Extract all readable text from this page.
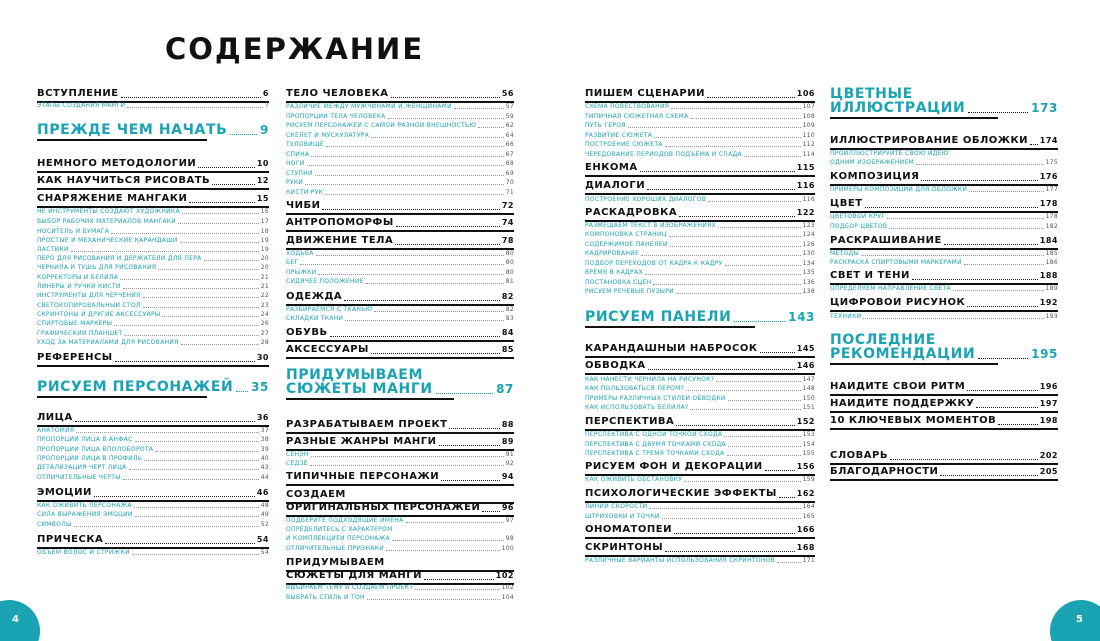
СОДЕРЖАНИЕ
4	5
ВСТУПЛЕНИЕ	6
ЭТАПЫ СОЗДАНИЯ МАНГИ	7
ПРЕЖДЕ ЧЕМ НАЧАТЬ	9
НЕМНОГО МЕТОДОЛОГИИ	10
КАК НАУЧИТЬСЯ РИСОВАТЬ	12
СНАРЯЖЕНИЕ МАНГАКИ	15
НЕ ИНСТРУМЕНТЫ СОЗДАЮТ ХУДОЖНИКА	15
ВЫБОР РАБОЧИХ МАТЕРИАЛОВ МАНГАКИ	17
НОСИТЕЛЬ И БУМАГА	18
ПРОСТЫЕ И МЕХАНИЧЕСКИЕ КАРАНДАШИ	19
ЛАСТИКИ	19
ПЕРО ДЛЯ РИСОВАНИЯ И ДЕРЖАТЕЛИ ДЛЯ ПЕРА	20
ЧЕРНИЛА И ТУШЬ ДЛЯ РИСОВАНИЯ	20
КОРРЕКТОРЫ И БЕЛИЛА	21
ЛИНЕРЫ И РУЧКИ КИСТИ	21
ИНСТРУМЕНТЫ ДЛЯ ЧЕРЧЕНИЯ	22
СВЕТОКОПИРОВАЛЬНЫЙ СТОЛ	23
СКРИНТОНЫ И ДРУГИЕ АКСЕССУАРЫ	24
СПИРТОВЫЕ МАРКЕРЫ	26
ГРАФИЧЕСКИЙ ПЛАНШЕТ	27
УХОД ЗА МАТЕРИАЛАМИ ДЛЯ РИСОВАНИЯ	28
РЕФЕРЕНСЫ	30
РИСУЕМ ПЕРСОНАЖЕЙ 35
ЛИЦА	36
АНАТОМИЯ	37
ПРОПОРЦИИ ЛИЦА В АНФАС	38
ПРОПОРЦИИ ЛИЦА ВПОЛОБОРОТА	39
ПРОПОРЦИИ ЛИЦА В ПРОФИЛЬ	40
ДЕТАЛИЗАЦИЯ ЧЕРТ ЛИЦА	43
ОТЛИЧИТЕЛЬНЫЕ ЧЕРТЫ	44
ЭМОЦИИ	46
КАК ОЖИВИТЬ ПЕРСОНАЖА	48
СИЛА ВЫРАЖЕНИЯ ЭМОЦИЙ	49
СИМВОЛЫ	52
ПРИЧЕСКА	54
ОБЪЕМ ВОЛОС И СТРИЖКИ	54
ТЕЛО ЧЕЛОВЕКА	56
РАЗЛИЧИЕ МЕЖДУ МУЖЧИНАМИ И ЖЕНЩИНАМИ	57
ПРОПОРЦИИ ТЕЛА ЧЕЛОВЕКА	59
РИСУЕМ ПЕРСОНАЖЕЙ С САМОЙ РАЗНОЙ ВНЕШНОСТЬЮ	62
СКЕЛЕТ И МУСКУЛАТУРА	64
ТУЛОВИЩЕ	66
СПИНА	67
НОГИ	68
СТУПНИ	69
РУКИ	70
КИСТИ РУК	71
ЧИБИ	72
АНТРОПОМОРФЫ	74
ДВИЖЕНИЕ ТЕЛА	78
ХОДЬБА	80
БЕГ	80
ПРЫЖКИ	80
СИДЯЧЕЕ ПОЛОЖЕНИЕ	81
ОДЕЖДА	82
РАЗБИРАЕМСЯ С ТКАНЬЮ	82
СКЛАДКИ ТКАНИ	83
ОБУВЬ	84
АКСЕССУАРЫ	85
ПРИДУМЫВАЕМ
СЮЖЕТЫ МАНГИ	87
РАЗРАБАТЫВАЕМ ПРОЕКТ	88
РАЗНЫЕ ЖАНРЫ МАНГИ	89
СЁНЭН	91
СЁДЗЁ	92
ТИПИЧНЫЕ ПЕРСОНАЖИ	94
СОЗДАЕМ
ОРИГИНАЛЬНЫХ ПЕРСОНАЖЕЙ	96
ПОДБЕРИТЕ ПОДХОДЯЩИЕ ИМЕНА	97
ОПРЕДЕЛИТЕСЬ С ХАРАКТЕРОМ
И КОМПЛЕКЦИЕЙ ПЕРСОНАЖА	98
ОТЛИЧИТЕЛЬНЫЕ ПРИЗНАКИ	100
ПРИДУМЫВАЕМ
СЮЖЕТЫ ДЛЯ МАНГИ	102
ВЫБИРАЕМ ТЕМУ И СОЗДАЕМ ПРОЕКТ	102
ВЫБРАТЬ СТИЛЬ И ТОН	104
ПИШЕМ СЦЕНАРИЙ	106
СХЕМА ПОВЕСТВОВАНИЯ	107
ТИПИЧНАЯ СЮЖЕТНАЯ СХЕМА	108
ПУТЬ ГЕРОЯ	109
РАЗВИТИЕ СЮЖЕТА	110
ПОСТРОЕНИЕ СЮЖЕТА	112
ЧЕРЕДОВАНИЕ ПЕРИОДОВ ПОДЪЕМА И СПАДА	114
ЁНКОМА	115
ДИАЛОГИ	116
ПОСТРОЕНИЕ ХОРОШИХ ДИАЛОГОВ	116
РАСКАДРОВКА	122
РАЗМЕЩАЕМ ТЕКСТ В ИЗОБРАЖЕНИЯХ	123
КОМПОНОВКА СТРАНИЦ	124
СОДЕРЖИМОЕ ПАНЕЛЕЙ	126
КАДРИРОВАНИЕ	130
ПОДБОР ПЕРЕХОДОВ ОТ КАДРА К КАДРУ	134
ВРЕМЯ В КАДРАХ	135
ПОСТАНОВКА СЦЕН	136
РИСУЕМ РЕЧЕВЫЕ ПУЗЫРИ	138
РИСУЕМ ПАНЕЛИ	143
КАРАНДАШНЫЙ НАБРОСОК	145
ОБВОДКА	146
КАК НАНЕСТИ ЧЕРНИЛА НА РИСУНОК?	147
КАК ПОЛЬЗОВАТЬСЯ ПЕРОМ?	148
ПРИМЕРЫ РАЗЛИЧНЫХ СТИЛЕЙ ОБВОДКИ	150
КАК ИСПОЛЬЗОВАТЬ БЕЛИЛА?	151
ПЕРСПЕКТИВА	152
ПЕРСПЕКТИВА С ОДНОЙ ТОЧКОЙ СХОДА	153
ПЕРСПЕКТИВА С ДВУМЯ ТОЧКАМИ СХОДА	154
ПЕРСПЕКТИВА С ТРЕМЯ ТОЧКАМИ СХОДА	155
РИСУЕМ ФОН И ДЕКОРАЦИИ	156
КАК ОЖИВИТЬ ОБСТАНОВКУ	159
ПСИХОЛОГИЧЕСКИЕ ЭФФЕКТЫ 162
ЛИНИИ СКОРОСТИ	164
ШТРИХОВКИ И ТОЧКИ	165
ОНОМАТОПЕИ	166
СКРИНТОНЫ	168
РАЗЛИЧНЫЕ ВАРИАНТЫ ИСПОЛЬЗОВАНИЯ СКРИНТОНОВ	171
ЦВЕТНЫЕ
ИЛЛЮСТРАЦИИ	173
ИЛЛЮСТРИРОВАНИЕ ОБЛОЖКИ 174
ПРОИЛЛЮСТРИРУЙТЕ СВОЮ ИДЕЮ
ОДНИМ ИЗОБРАЖЕНИЕМ	175
КОМПОЗИЦИЯ	176
ПРИМЕРЫ КОМПОЗИЦИЙ ДЛЯ ОБЛОЖКИ	177
ЦВЕТ	178
ЦВЕТОВОЙ КРУГ	178
ПОДБОР ЦВЕТОВ	182
РАСКРАШИВАНИЕ	184
МЕТОДЫ	185
РАСКРАСКА СПИРТОВЫМИ МАРКЕРАМИ	186
СВЕТ И ТЕНИ	188
ОПРЕДЕЛЯЕМ НАПРАВЛЕНИЕ СВЕТА	189
ЦИФРОВОЙ РИСУНОК	192
ТЕХНИКИ	193
ПОСЛЕДНИЕ
РЕКОМЕНДАЦИИ	195
НАЙДИТЕ СВОЙ РИТМ	196
НАЙДИТЕ ПОДДЕРЖКУ	197
10 КЛЮЧЕВЫХ МОМЕНТОВ	198
СЛОВАРЬ	202
БЛАГОДАРНОСТИ	205
